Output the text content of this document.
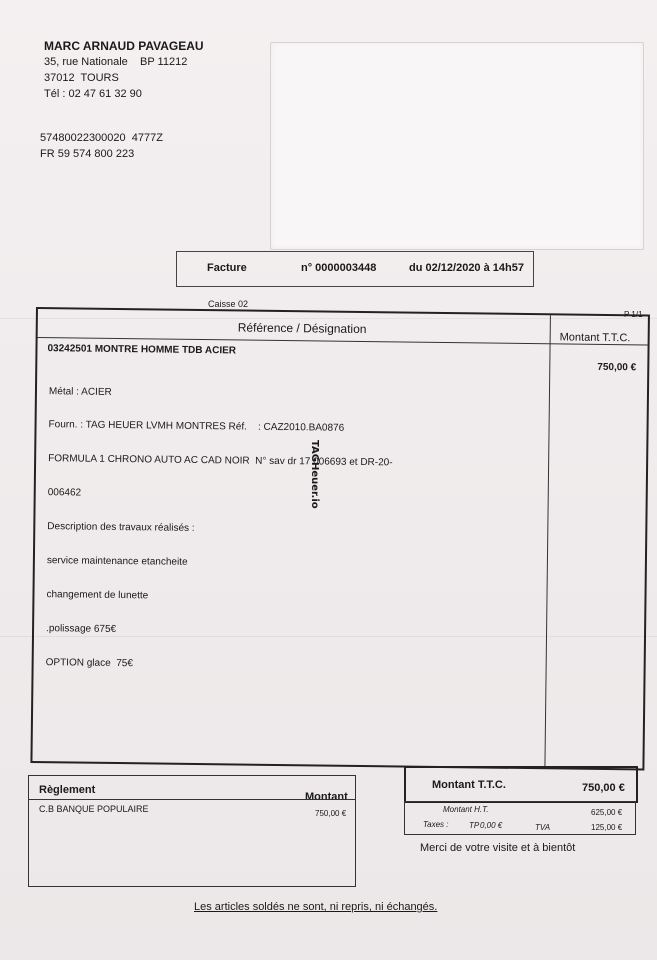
MARC ARNAUD PAVAGEAU
35, rue Nationale    BP 11212
37012  TOURS
Tél : 02 47 61 32 90
57480022300020  4777Z
FR 59 574 800 223
Facture	n° 0000003448	du 02/12/2020 à 14h57
Caisse 02
P 1/1
Référence / Désignation
Montant T.T.C.
03242501 MONTRE HOMME TDB ACIER
750,00 €

Métal : ACIER

Fourn. : TAG HEUER LVMH MONTRES Réf.    : CAZ2010.BA0876

FORMULA 1 CHRONO AUTO AC CAD NOIR  N° sav dr 17 006693 et DR-20-

006462

Description des travaux réalisés :

service maintenance etancheite

changement de lunette

.polissage 675€

OPTION glace  75€

TAGHeuer.io
Règlement
Montant
C.B BANQUE POPULAIRE	750,00 €
Montant T.T.C.	750,00 €
Montant H.T.	625,00 €
Taxes :	TP 0,00 €	TVA	125,00 €
Merci de votre visite et à bientôt
Les articles soldés ne sont, ni repris, ni échangés.
